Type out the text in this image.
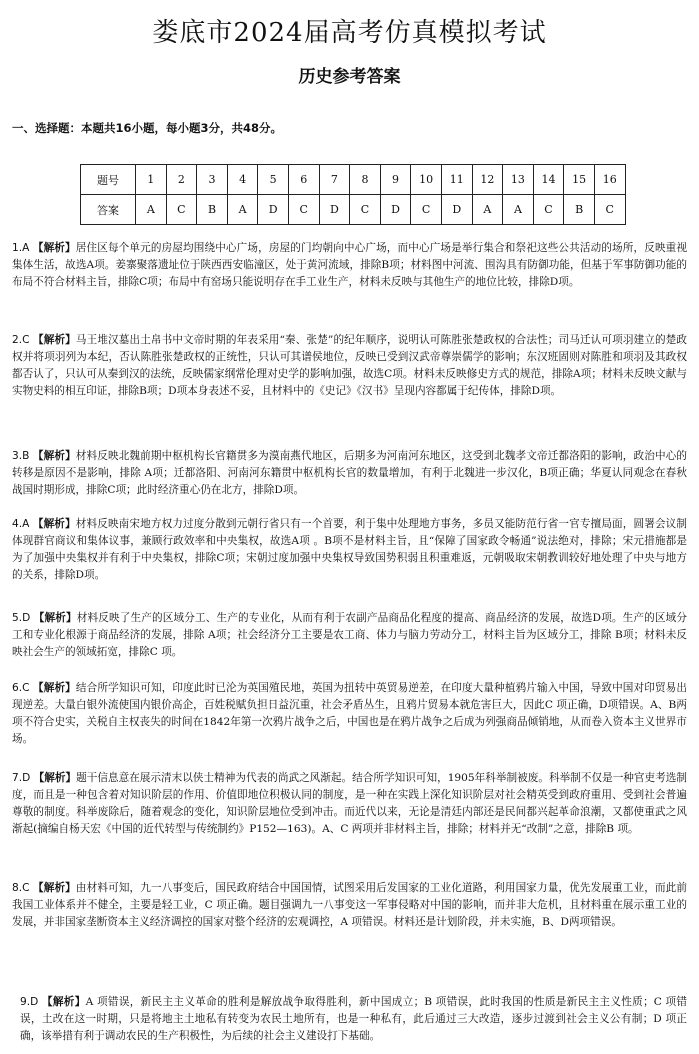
娄底市2024届高考仿真模拟考试
历史参考答案
一、选择题：本题共16小题，每小题3分，共48分。
题号	1	2	3	4	5	6	7	8	9	10	11	12	13	14	15	16
答案	A	C	B	A	D	C	D	C	D	C	D	A	A	C	B	C

1.A 【解析】居住区每个单元的房屋均围绕中心广场，房屋的门均朝向中心广场，而中心广场是举行集合和祭祀这些公共活动的场所，反映重视集体生活，故选A项。姜寨聚落遗址位于陕西西安临潼区，处于黄河流域，排除B项；材料图中河流、围沟具有防御功能，但基于军事防御功能的布局不符合材料主旨，排除C项；布局中有窑场只能说明存在手工业生产，材料未反映与其他生产的地位比较，排除D项。

2.C 【解析】马王堆汉墓出土帛书中文帝时期的年表采用“秦、张楚”的纪年顺序，说明认可陈胜张楚政权的合法性；司马迁认可项羽建立的楚政权并将项羽列为本纪，否认陈胜张楚政权的正统性，只认可其谱侯地位，反映已受到汉武帝尊崇儒学的影响；东汉班固则对陈胜和项羽及其政权都否认了，只认可从秦到汉的法统，反映儒家纲常伦理对史学的影响加强，故选C项。材料未反映修史方式的规范，排除A项；材料未反映文献与实物史料的相互印证，排除B项；D项本身表述不妥，且材料中的《史记》《汉书》呈现内容都属于纪传体，排除D项。

3.B 【解析】材料反映北魏前期中枢机构长官籍贯多为漠南燕代地区，后期多为河南河东地区，这受到北魏孝文帝迁都洛阳的影响，政治中心的转移是原因不是影响，排除 A项；迁都洛阳、河南河东籍贯中枢机构长官的数量增加，有利于北魏进一步汉化，B项正确；华夏认同观念在春秋战国时期形成，排除C项；此时经济重心仍在北方，排除D项。

4.A 【解析】材料反映南宋地方权力过度分散到元朝行省只有一个首要，利于集中处理地方事务，多员又能防范行省一官专擅局面，圆署会议制体现群官商议和集体议事，兼顾行政效率和中央集权，故选A项 。B项不是材料主旨，且“保障了国家政令畅通”说法绝对，排除；宋元措施都是为了加强中央集权并有利于中央集权，排除C项；宋朝过度加强中央集权导致国势积弱且积重难返，元朝吸取宋朝教训较好地处理了中央与地方的关系，排除D项。

5.D 【解析】材料反映了生产的区域分工、生产的专业化，从而有利于农副产品商品化程度的提高、商品经济的发展，故选D项。生产的区域分工和专业化根源于商品经济的发展，排除 A项；社会经济分工主要是农工商、体力与脑力劳动分工，材料主旨为区域分工，排除 B项；材料未反映社会生产的领域拓宽，排除C 项。

6.C 【解析】结合所学知识可知，印度此时已沦为英国殖民地，英国为扭转中英贸易逆差，在印度大量种植鸦片输入中国，导致中国对印贸易出现逆差。大量白银外流使国内银价高企，百姓税赋负担日益沉重，社会矛盾丛生，且鸦片贸易本就危害巨大，因此C 项正确，D项错误。A、B两项不符合史实，关税自主权丧失的时间在1842年第一次鸦片战争之后，中国也是在鸦片战争之后成为列强商品倾销地，从而卷入资本主义世界市场。

7.D 【解析】题干信息意在展示清末以侠士精神为代表的尚武之风渐起。结合所学知识可知，1905年科举制被废。科举制不仅是一种官吏考选制度，而且是一种包含着对知识阶层的作用、价值即地位积极认同的制度，是一种在实践上深化知识阶层对社会精英受到政府重用、受到社会普遍尊敬的制度。科举废除后，随着观念的变化，知识阶层地位受到冲击。而近代以来，无论是清廷内部还是民间都兴起革命浪潮，又都使重武之风渐起(摘编自杨天宏《中国的近代转型与传统制约》P152—163)。A、C 两项并非材料主旨，排除；材料并无“改制”之意，排除B 项。

8.C 【解析】由材料可知，九一八事变后，国民政府结合中国国情，试图采用后发国家的工业化道路，利用国家力量，优先发展重工业，而此前我国工业体系并不健全，主要是轻工业，C 项正确。题目强调九一八事变这一军事侵略对中国的影响，而并非大危机，且材料重在展示重工业的发展，并非国家垄断资本主义经济调控的国家对整个经济的宏观调控，A 项错误。材料还是计划阶段，并未实施，B、D两项错误。

9.D 【解析】A 项错误，新民主主义革命的胜利是解放战争取得胜利，新中国成立；B 项错误，此时我国的性质是新民主主义性质；C 项错误，土改在这一时期，只是将地主土地私有转变为农民土地所有，也是一种私有，此后通过三大改造，逐步过渡到社会主义公有制；D 项正确，该举措有利于调动农民的生产积极性，为后续的社会主义建设打下基础。
